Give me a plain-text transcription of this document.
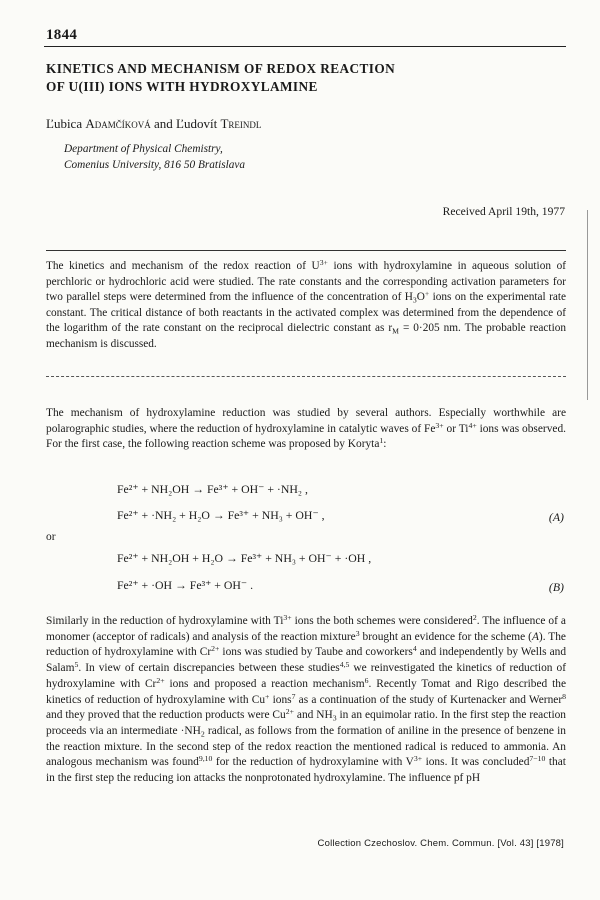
1844
KINETICS AND MECHANISM OF REDOX REACTION
OF U(III) IONS WITH HYDROXYLAMINE
Ľubica Adamčíková and Ľudovít Treindl
Department of Physical Chemistry,
Comenius University, 816 50 Bratislava
Received April 19th, 1977
The kinetics and mechanism of the redox reaction of $U^{3+}$ ions with hydroxylamine in aqueous solution of perchloric or hydrochloric acid were studied. The rate constants and the corresponding activation parameters for two parallel steps were determined from the influence of the concentration of $H_3O^+$ ions on the experimental rate constant. The critical distance of both reactants in the activated complex was determined from the dependence of the logarithm of the rate constant on the reciprocal dielectric constant as $r_M = 0\cdot 205$ nm. The probable reaction mechanism is discussed.
The mechanism of hydroxylamine reduction was studied by several authors. Especially worthwhile are polarographic studies, where the reduction of hydroxylamine in catalytic waves of $Fe^{3+}$ or $Ti^{4+}$ ions was observed. For the first case, the following reaction scheme was proposed by Koryta$^1$:
Fe²⁺ + NH₂OH → Fe³⁺ + OH⁻ + ·NH₂ ,
Fe²⁺ + ·NH₂ + H₂O → Fe³⁺ + NH₃ + OH⁻ ,	(A)
or
Fe²⁺ + NH₂OH + H₂O → Fe³⁺ + NH₃ + OH⁻ + ·OH ,
Fe²⁺ + ·OH → Fe³⁺ + OH⁻ .	(B)
Similarly in the reduction of hydroxylamine with $Ti^{3+}$ ions the both schemes were considered$^2$. The influence of a monomer (acceptor of radicals) and analysis of the reaction mixture$^3$ brought an evidence for the scheme (A). The reduction of hydroxylamine with $Cr^{2+}$ ions was studied by Taube and coworkers$^4$ and independently by Wells and Salam$^5$. In view of certain discrepancies between these studies$^{4,5}$ we reinvestigated the kinetics of reduction of hydroxylamine with $Cr^{2+}$ ions and proposed a reaction mechanism$^6$. Recently Tomat and Rigo described the kinetics of reduction of hydroxylamine with Cu+ ions$^7$ as a continuation of the study of Kurtenacker and Werner$^8$ and they proved that the reduction products were $Cu^{2+}$ and $NH_3$ in an equimolar ratio. In the first step the reaction proceeds via an intermediate $\cdot NH_2$ radical, as follows from the formation of aniline in the presence of benzene in the reaction mixture. In the second step of the redox reaction the mentioned radical is reduced to ammonia. An analogous mechanism was found$^{9,10}$ for the reduction of hydroxylamine with $V^{3+}$ ions. It was concluded$^{7-10}$ that in the first step the reducing ion attacks the nonprotonated hydroxylamine. The influence pf pH
Collection Czechoslov. Chem. Commun. [Vol. 43] [1978]
